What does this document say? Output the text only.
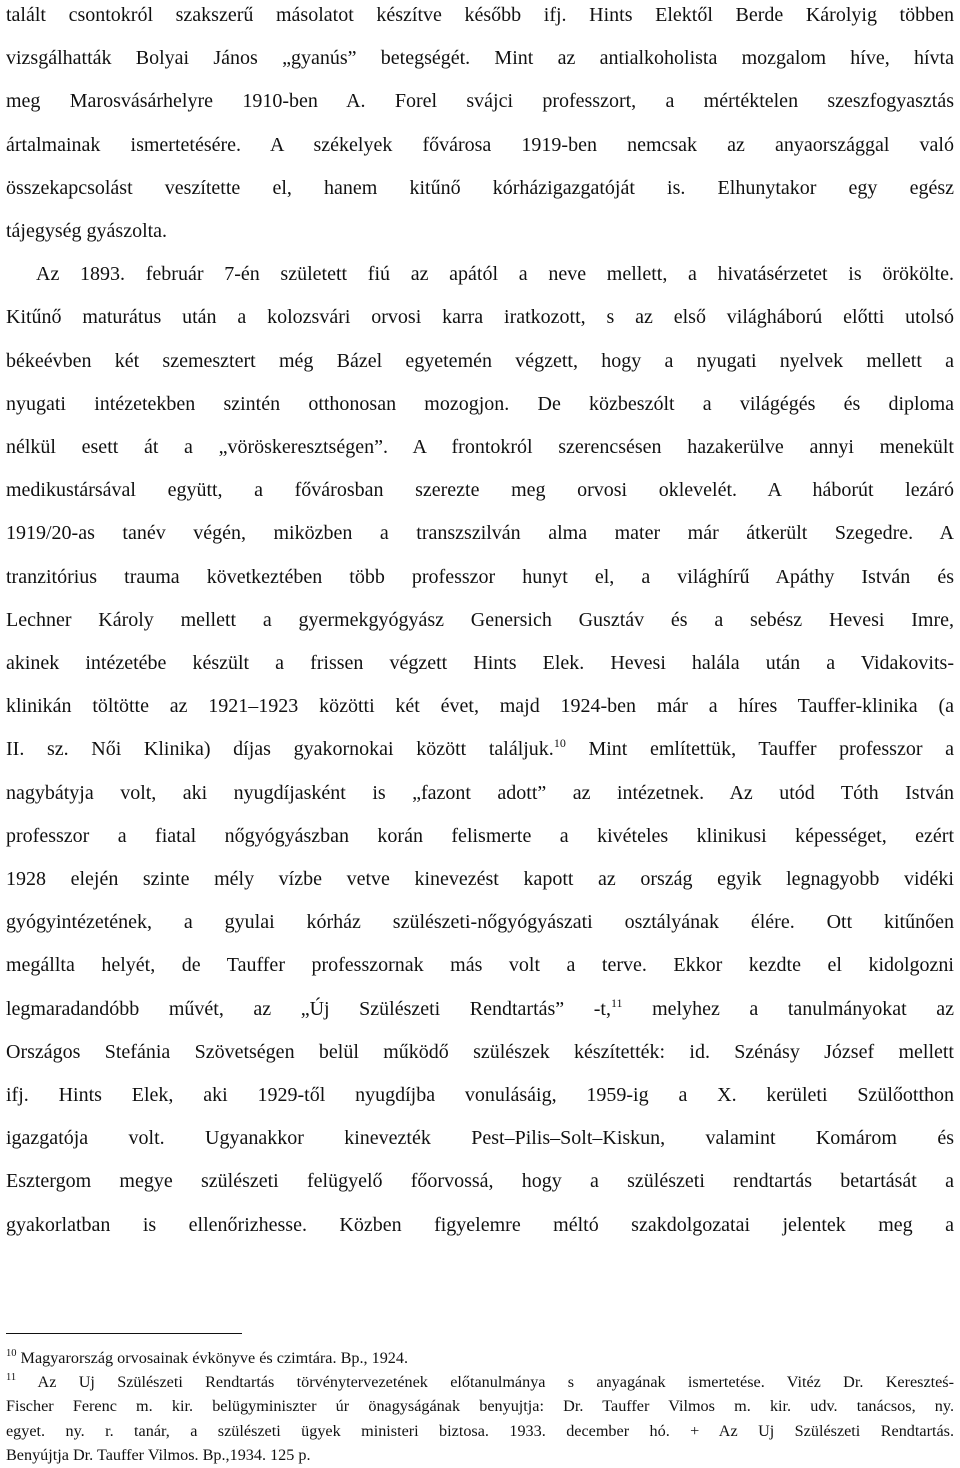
talált csontokról szakszerű másolatot készítve később ifj. Hints Elektől Berde Károlyig többen
vizsgálhatták Bolyai János „gyanús” betegségét. Mint az antialkoholista mozgalom híve, hívta
meg Marosvásárhelyre 1910-ben A. Forel svájci professzort, a mértéktelen szeszfogyasztás
ártalmainak ismertetésére. A székelyek fővárosa 1919-ben nemcsak az anyaországgal való
összekapcsolást veszítette el, hanem kitűnő kórházigazgatóját is. Elhunytakor egy egész
tájegység gyászolta.
Az 1893. február 7-én született fiú az apától a neve mellett, a hivatásérzetet is örökölte.
Kitűnő maturátus után a kolozsvári orvosi karra iratkozott, s az első világháború előtti utolsó
békeévben két szemesztert még Bázel egyetemén végzett, hogy a nyugati nyelvek mellett a
nyugati intézetekben szintén otthonosan mozogjon. De közbeszólt a világégés és diploma
nélkül esett át a „vöröskeresztségen”. A frontokról szerencsésen hazakerülve annyi menekült
medikustársával együtt, a fővárosban szerezte meg orvosi oklevelét. A háborút lezáró
1919/20-as tanév végén, miközben a transzszilván alma mater már átkerült Szegedre. A
tranzitórius trauma következtében több professzor hunyt el, a világhírű Apáthy István és
Lechner Károly mellett a gyermekgyógyász Genersich Gusztáv és a sebész Hevesi Imre,
akinek intézetébe készült a frissen végzett Hints Elek. Hevesi halála után a Vidakovits-
klinikán töltötte az 1921–1923 közötti két évet, majd 1924-ben már a híres Tauffer-klinika (a
II. sz. Női Klinika) díjas gyakornokai között találjuk.$^{10}$ Mint említettük, Tauffer professzor a
nagybátyja volt, aki nyugdíjasként is „fazont adott” az intézetnek. Az utód Tóth István
professzor a fiatal nőgyógyászban korán felismerte a kivételes klinikusi képességet, ezért
1928 elején szinte mély vízbe vetve kinevezést kapott az ország egyik legnagyobb vidéki
gyógyintézetének, a gyulai kórház szülészeti-nőgyógyászati osztályának élére. Ott kitűnően
megállta helyét, de Tauffer professzornak más volt a terve. Ekkor kezdte el kidolgozni
legmaradandóbb művét, az „Új Szülészeti Rendtartás” -t,$^{11}$ melyhez a tanulmányokat az
Országos Stefánia Szövetségen belül működő szülészek készítették: id. Szénásy József mellett
ifj. Hints Elek, aki 1929-től nyugdíjba vonulásáig, 1959-ig a X. kerületi Szülőotthon
igazgatója volt. Ugyanakkor kinevezték Pest–Pilis–Solt–Kiskun, valamint Komárom és
Esztergom megye szülészeti felügyelő főorvossá, hogy a szülészeti rendtartás betartását a
gyakorlatban is ellenőrizhesse. Közben figyelemre méltó szakdolgozatai jelentek meg a
$^{10}$ Magyarország orvosainak évkönyve és czimtára. Bp., 1924.
$^{11}$ Az Uj Szülészeti Rendtartás törvénytervezetének előtanulmánya s anyagának ismertetése. Vitéz Dr. Kereszteś-
Fischer Ferenc m. kir. belügyminiszter úr önagyságának benyujtja: Dr. Tauffer Vilmos m. kir. udv. tanácsos, ny.
egyet. ny. r. tanár, a szülészeti ügyek ministeri biztosa. 1933. december hó. + Az Uj Szülészeti Rendtartás.
Benyújtja Dr. Tauffer Vilmos. Bp.,1934. 125 p.
